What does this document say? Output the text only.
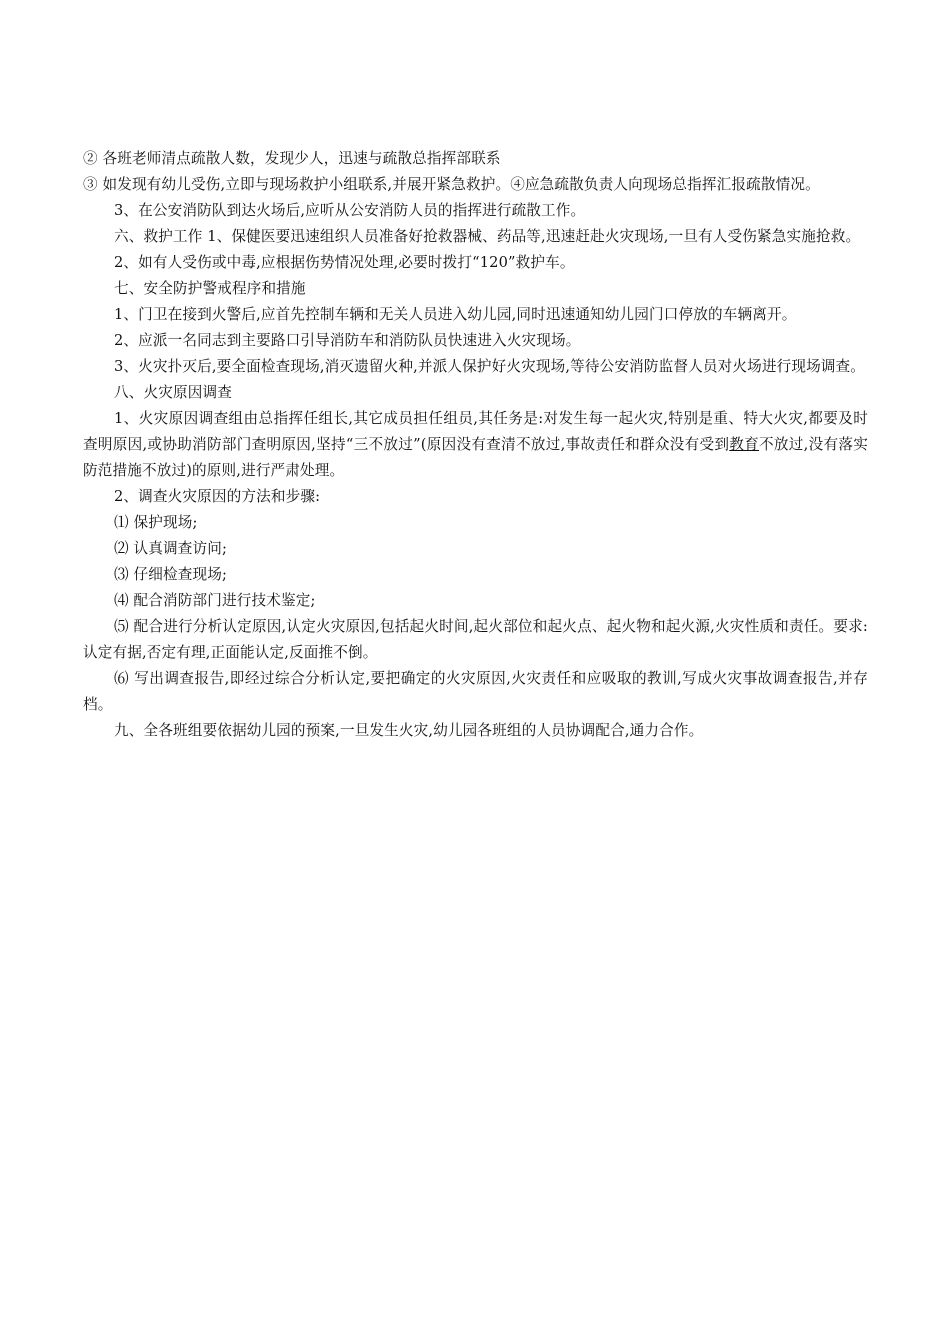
② 各班老师清点疏散人数，发现少人，迅速与疏散总指挥部联系

③ 如发现有幼儿受伤,立即与现场救护小组联系,并展开紧急救护。④应急疏散负责人向现场总指挥汇报疏散情况。

3、在公安消防队到达火场后,应听从公安消防人员的指挥进行疏散工作。

六、救护工作 1、保健医要迅速组织人员准备好抢救器械、药品等,迅速赶赴火灾现场,一旦有人受伤紧急实施抢救。

2、如有人受伤或中毒,应根据伤势情况处理,必要时拨打“120”救护车。

七、安全防护警戒程序和措施

1、门卫在接到火警后,应首先控制车辆和无关人员进入幼儿园,同时迅速通知幼儿园门口停放的车辆离开。

2、应派一名同志到主要路口引导消防车和消防队员快速进入火灾现场。

3、火灾扑灭后,要全面检查现场,消灭遗留火种,并派人保护好火灾现场,等待公安消防监督人员对火场进行现场调查。

八、火灾原因调查

1、火灾原因调查组由总指挥任组长,其它成员担任组员,其任务是:对发生每一起火灾,特别是重、特大火灾,都要及时查明原因,或协助消防部门查明原因,坚持“三不放过”(原因没有查清不放过,事故责任和群众没有受到教育不放过,没有落实防范措施不放过)的原则,进行严肃处理。

2、调查火灾原因的方法和步骤:

⑴ 保护现场;

⑵ 认真调查访问;

⑶ 仔细检查现场;

⑷ 配合消防部门进行技术鉴定;

⑸ 配合进行分析认定原因,认定火灾原因,包括起火时间,起火部位和起火点、起火物和起火源,火灾性质和责任。要求:认定有据,否定有理,正面能认定,反面推不倒。

⑹ 写出调查报告,即经过综合分析认定,要把确定的火灾原因,火灾责任和应吸取的教训,写成火灾事故调查报告,并存档。

九、全各班组要依据幼儿园的预案,一旦发生火灾,幼儿园各班组的人员协调配合,通力合作。
